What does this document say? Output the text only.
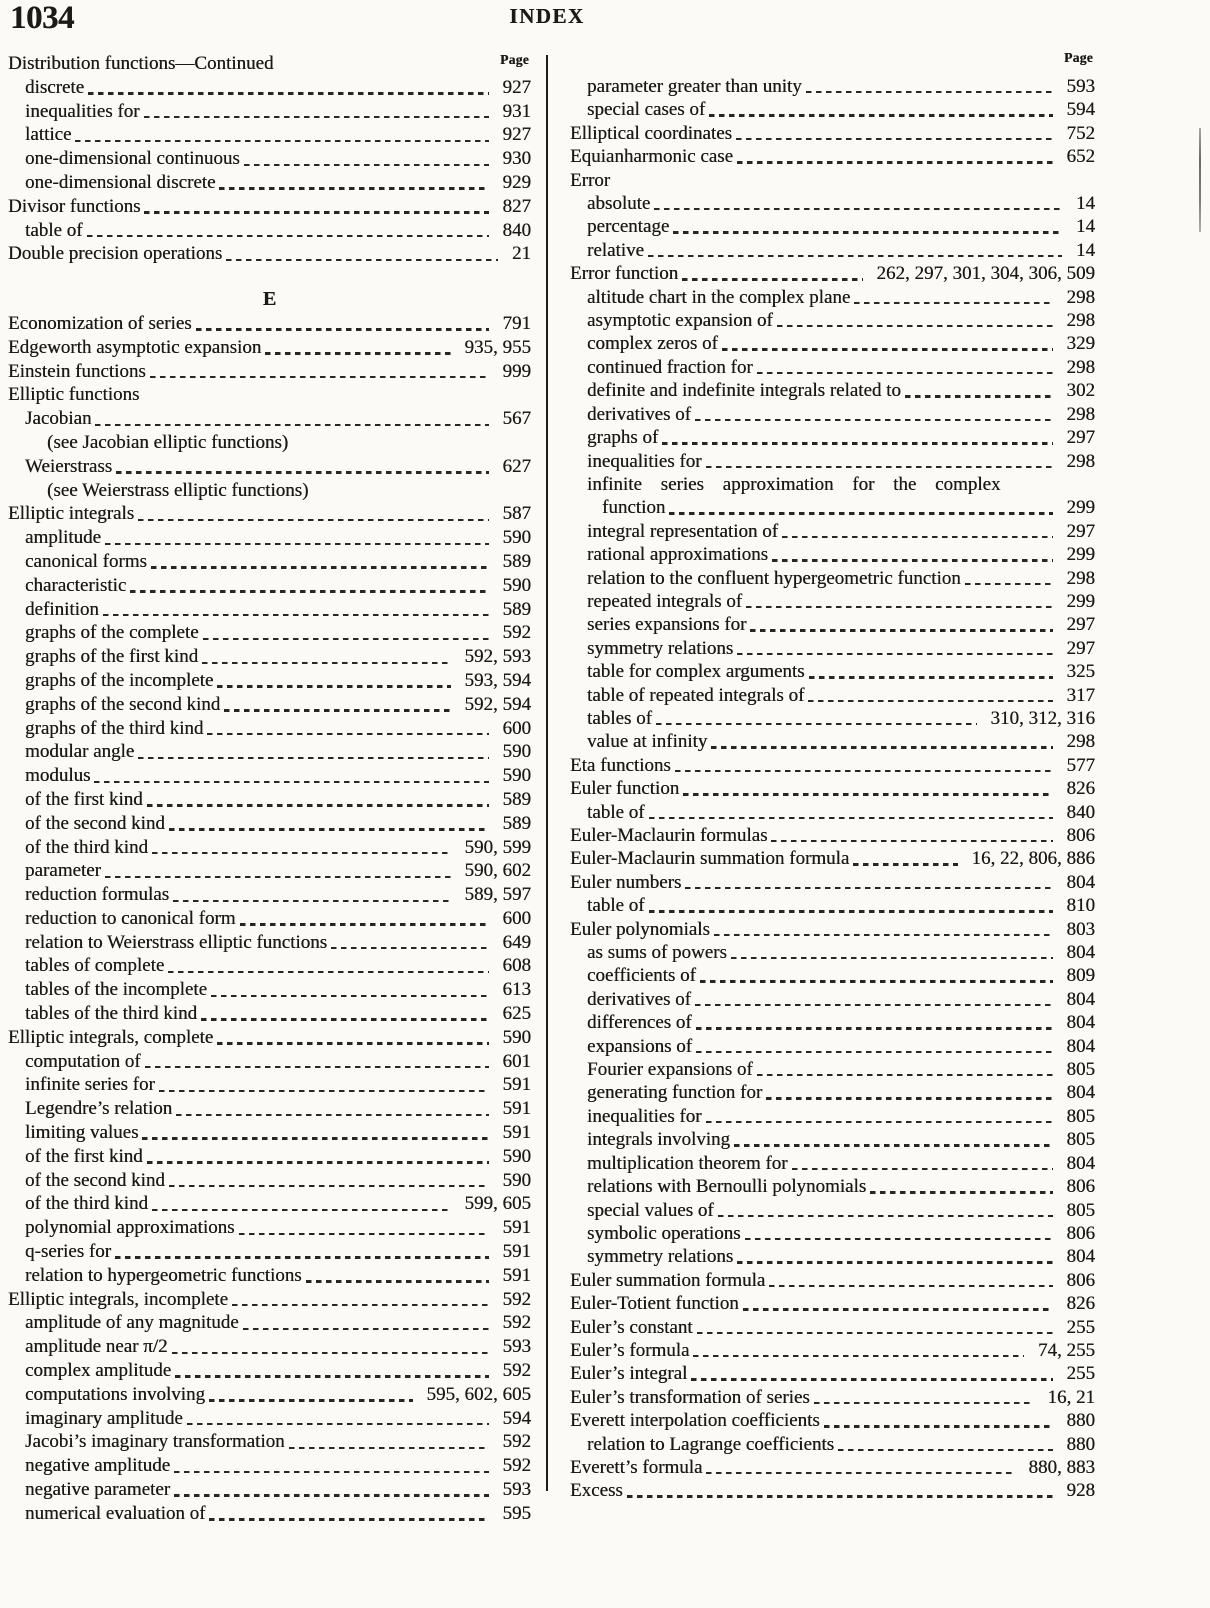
1034	INDEX
Page	Page
Distribution functions—Continued
discrete	927
inequalities for	931
lattice	927
one-dimensional continuous	930
one-dimensional discrete	929
Divisor functions	827
table of	840
Double precision operations	21
E
Economization of series	791
Edgeworth asymptotic expansion	935, 955
Einstein functions	999
Elliptic functions
Jacobian	567
(see Jacobian elliptic functions)
Weierstrass	627
(see Weierstrass elliptic functions)
Elliptic integrals	587
amplitude	590
canonical forms	589
characteristic	590
definition	589
graphs of the complete	592
graphs of the first kind	592, 593
graphs of the incomplete	593, 594
graphs of the second kind	592, 594
graphs of the third kind	600
modular angle	590
modulus	590
of the first kind	589
of the second kind	589
of the third kind	590, 599
parameter	590, 602
reduction formulas	589, 597
reduction to canonical form	600
relation to Weierstrass elliptic functions	649
tables of complete	608
tables of the incomplete	613
tables of the third kind	625
Elliptic integrals, complete	590
computation of	601
infinite series for	591
Legendre’s relation	591
limiting values	591
of the first kind	590
of the second kind	590
of the third kind	599, 605
polynomial approximations	591
q-series for	591
relation to hypergeometric functions	591
Elliptic integrals, incomplete	592
amplitude of any magnitude	592
amplitude near π/2	593
complex amplitude	592
computations involving	595, 602, 605
imaginary amplitude	594
Jacobi’s imaginary transformation	592
negative amplitude	592
negative parameter	593
numerical evaluation of	595
parameter greater than unity	593
special cases of	594
Elliptical coordinates	752
Equianharmonic case	652
Error
absolute	14
percentage	14
relative	14
Error function	262, 297, 301, 304, 306, 509
altitude chart in the complex plane	298
asymptotic expansion of	298
complex zeros of	329
continued fraction for	298
definite and indefinite integrals related to	302
derivatives of	298
graphs of	297
inequalities for	298
infinite series approximation for the complex
function	299
integral representation of	297
rational approximations	299
relation to the confluent hypergeometric function	298
repeated integrals of	299
series expansions for	297
symmetry relations	297
table for complex arguments	325
table of repeated integrals of	317
tables of	310, 312, 316
value at infinity	298
Eta functions	577
Euler function	826
table of	840
Euler-Maclaurin formulas	806
Euler-Maclaurin summation formula	16, 22, 806, 886
Euler numbers	804
table of	810
Euler polynomials	803
as sums of powers	804
coefficients of	809
derivatives of	804
differences of	804
expansions of	804
Fourier expansions of	805
generating function for	804
inequalities for	805
integrals involving	805
multiplication theorem for	804
relations with Bernoulli polynomials	806
special values of	805
symbolic operations	806
symmetry relations	804
Euler summation formula	806
Euler-Totient function	826
Euler’s constant	255
Euler’s formula	74, 255
Euler’s integral	255
Euler’s transformation of series	16, 21
Everett interpolation coefficients	880
relation to Lagrange coefficients	880
Everett’s formula	880, 883
Excess	928
